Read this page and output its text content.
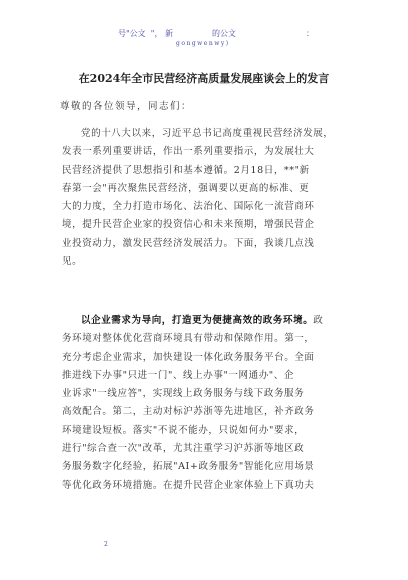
号"公文  "， 新	的公文	：
gongwenwy)
在2024年全市民营经济高质量发展座谈会上的发言
尊敬的各位领导，同志们：
党的十八大以来，习近平总书记高度重视民营经济发展，
发表一系列重要讲话，作出一系列重要指示，为发展壮大
民营经济提供了思想指引和基本遵循。2月18日，**"新
春第一会"再次聚焦民营经济，强调要以更高的标准、更
大的力度，全力打造市场化、法治化、国际化一流营商环
境，提升民营企业家的投资信心和未来预期，增强民营企
业投资动力，激发民营经济发展活力。下面，我谈几点浅
见。
以企业需求为导向，打造更为便捷高效的政务环境。政
务环境对整体优化营商环境具有带动和保障作用。第一，
充分考虑企业需求，加快建设一体化政务服务平台。全面
推进线下办事"只进一门"、线上办事"一网通办"、企
业诉求"一线应答"，实现线上政务服务与线下政务服务
高效配合。第二，主动对标沪苏浙等先进地区，补齐政务
环境建设短板。落实"不说不能办，只说如何办"要求，
进行"综合查一次"改革，尤其注重学习沪苏浙等地区政
务服务数字化经验，拓展"AI+政务服务"智能化应用场景
等优化政务环境措施。在提升民营企业家体验上下真功夫
2
